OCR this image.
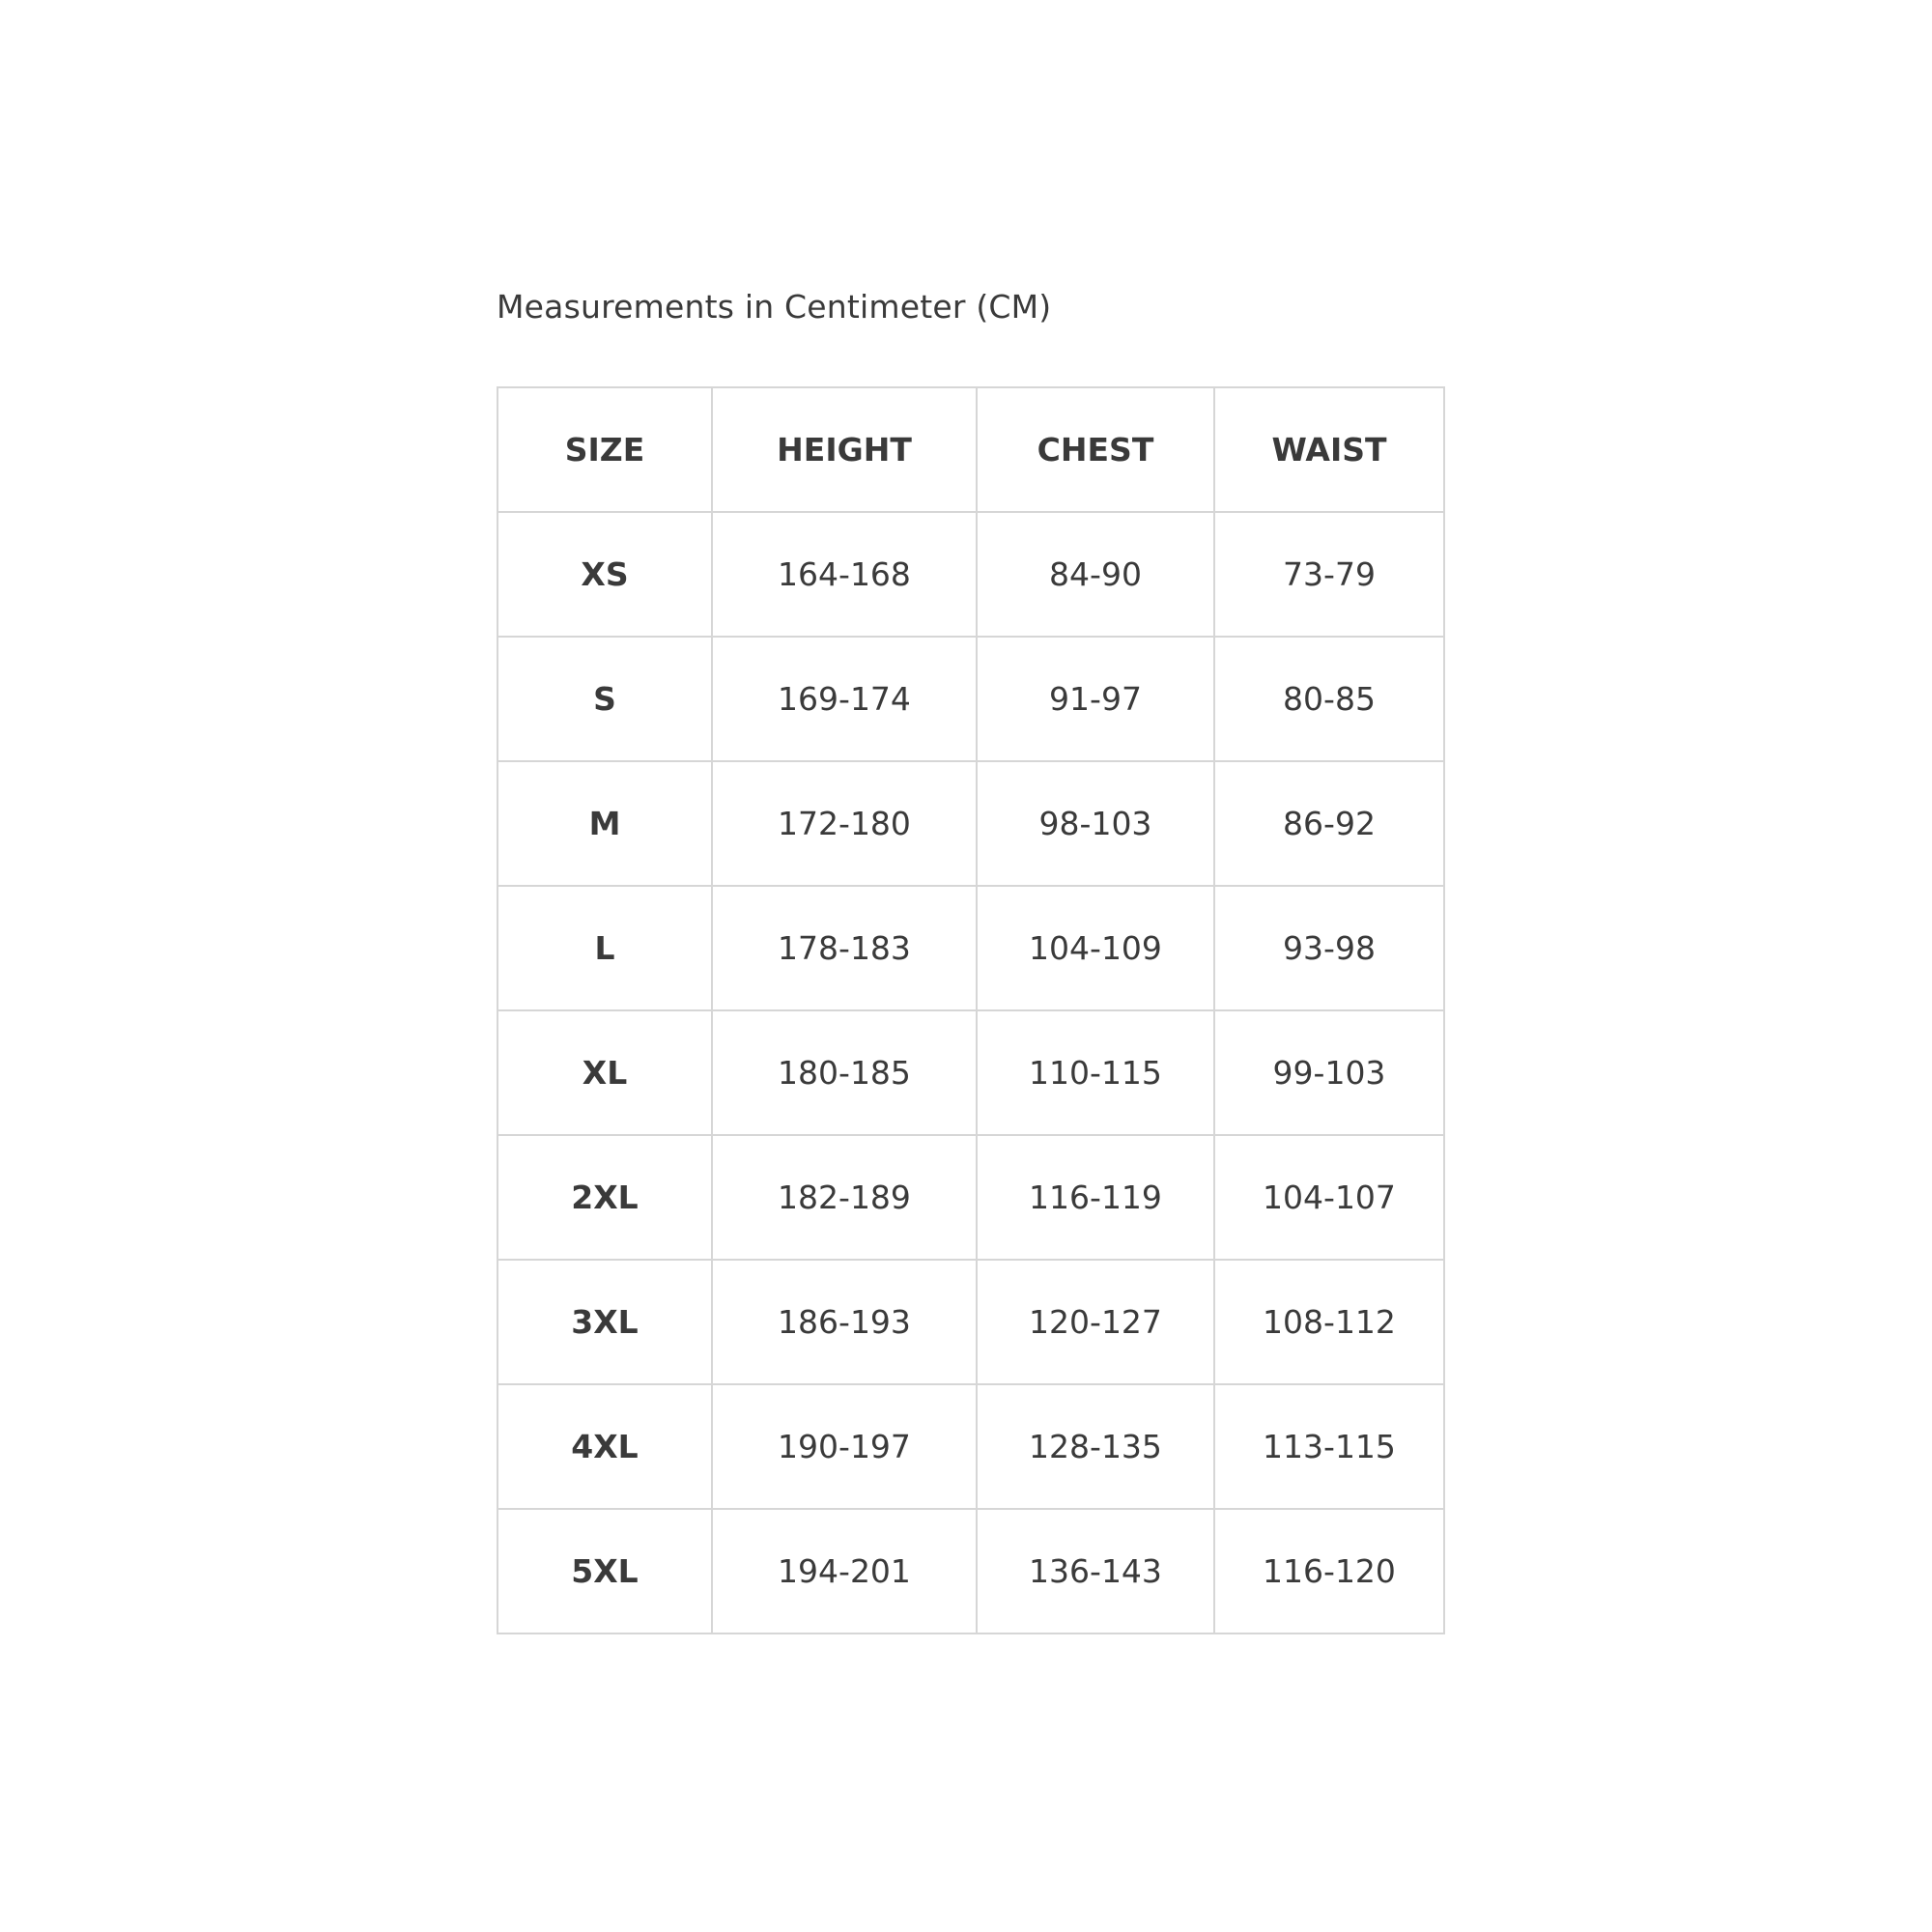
Measurements in Centimeter (CM)
SIZE	HEIGHT	CHEST	WAIST
XS	164-168	84-90	73-79
S	169-174	91-97	80-85
M	172-180	98-103	86-92
L	178-183	104-109	93-98
XL	180-185	110-115	99-103
2XL	182-189	116-119	104-107
3XL	186-193	120-127	108-112
4XL	190-197	128-135	113-115
5XL	194-201	136-143	116-120
